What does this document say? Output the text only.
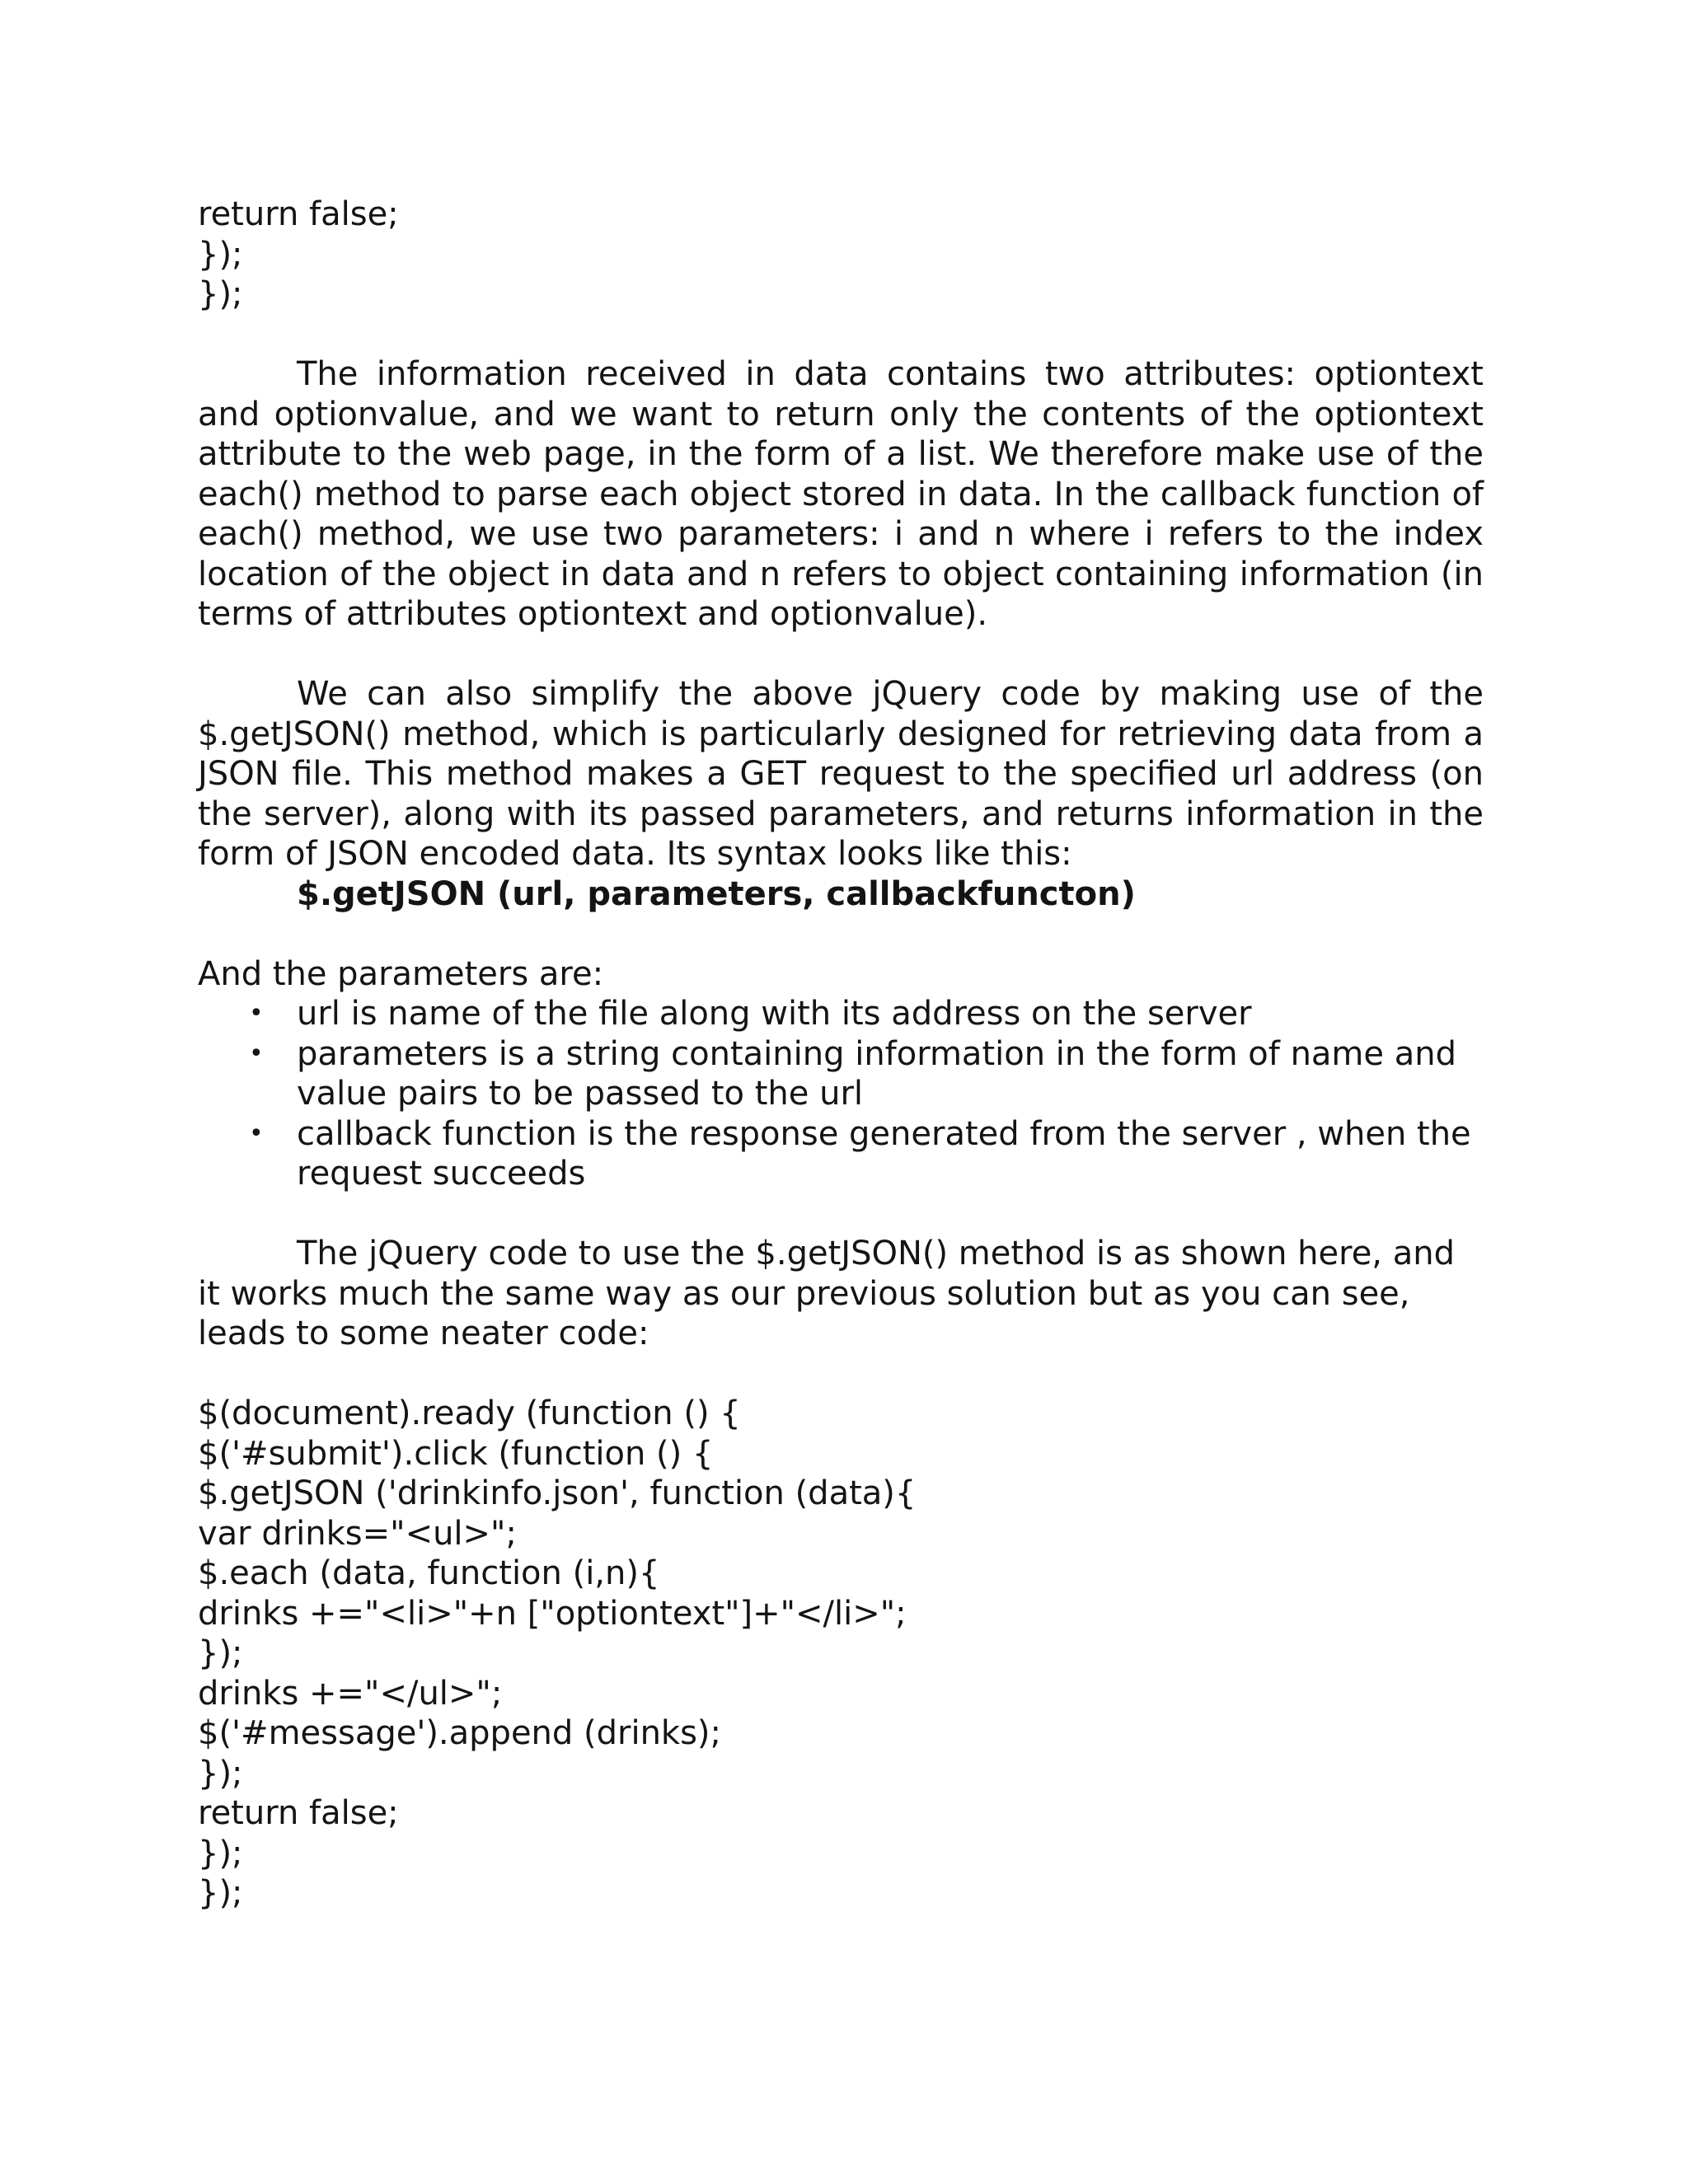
return false;
});
});
The information received in data contains two attributes: optiontext and optionvalue, and we want to return only the contents of the optiontext attribute to the web page, in the form of a list. We therefore make use of the each() method to parse each object stored in data. In the callback function of each() method, we use two parameters: i and n where i refers to the index location of the object in data and n refers to object containing information (in terms of attributes optiontext and optionvalue).
We can also simplify the above jQuery code by making use of the $.getJSON() method, which is particularly designed for retrieving data from a JSON file. This method makes a GET request to the specified url address (on the server), along with its passed parameters, and returns information in the form of JSON encoded data. Its syntax looks like this:
$.getJSON (url, parameters, callbackfuncton)
And the parameters are:
• url is name of the file along with its address on the server
• parameters is a string containing information in the form of name and value pairs to be passed to the url
• callback function is the response generated from the server , when the request succeeds
The jQuery code to use the $.getJSON() method is as shown here, and it works much the same way as our previous solution but as you can see, leads to some neater code:
$(document).ready (function () {
$('#submit').click (function () {
$.getJSON ('drinkinfo.json', function (data){
var drinks="<ul>";
$.each (data, function (i,n){
drinks +="<li>"+n ["optiontext"]+"</li>";
});
drinks +="</ul>";
$('#message').append (drinks);
});
return false;
});
});
